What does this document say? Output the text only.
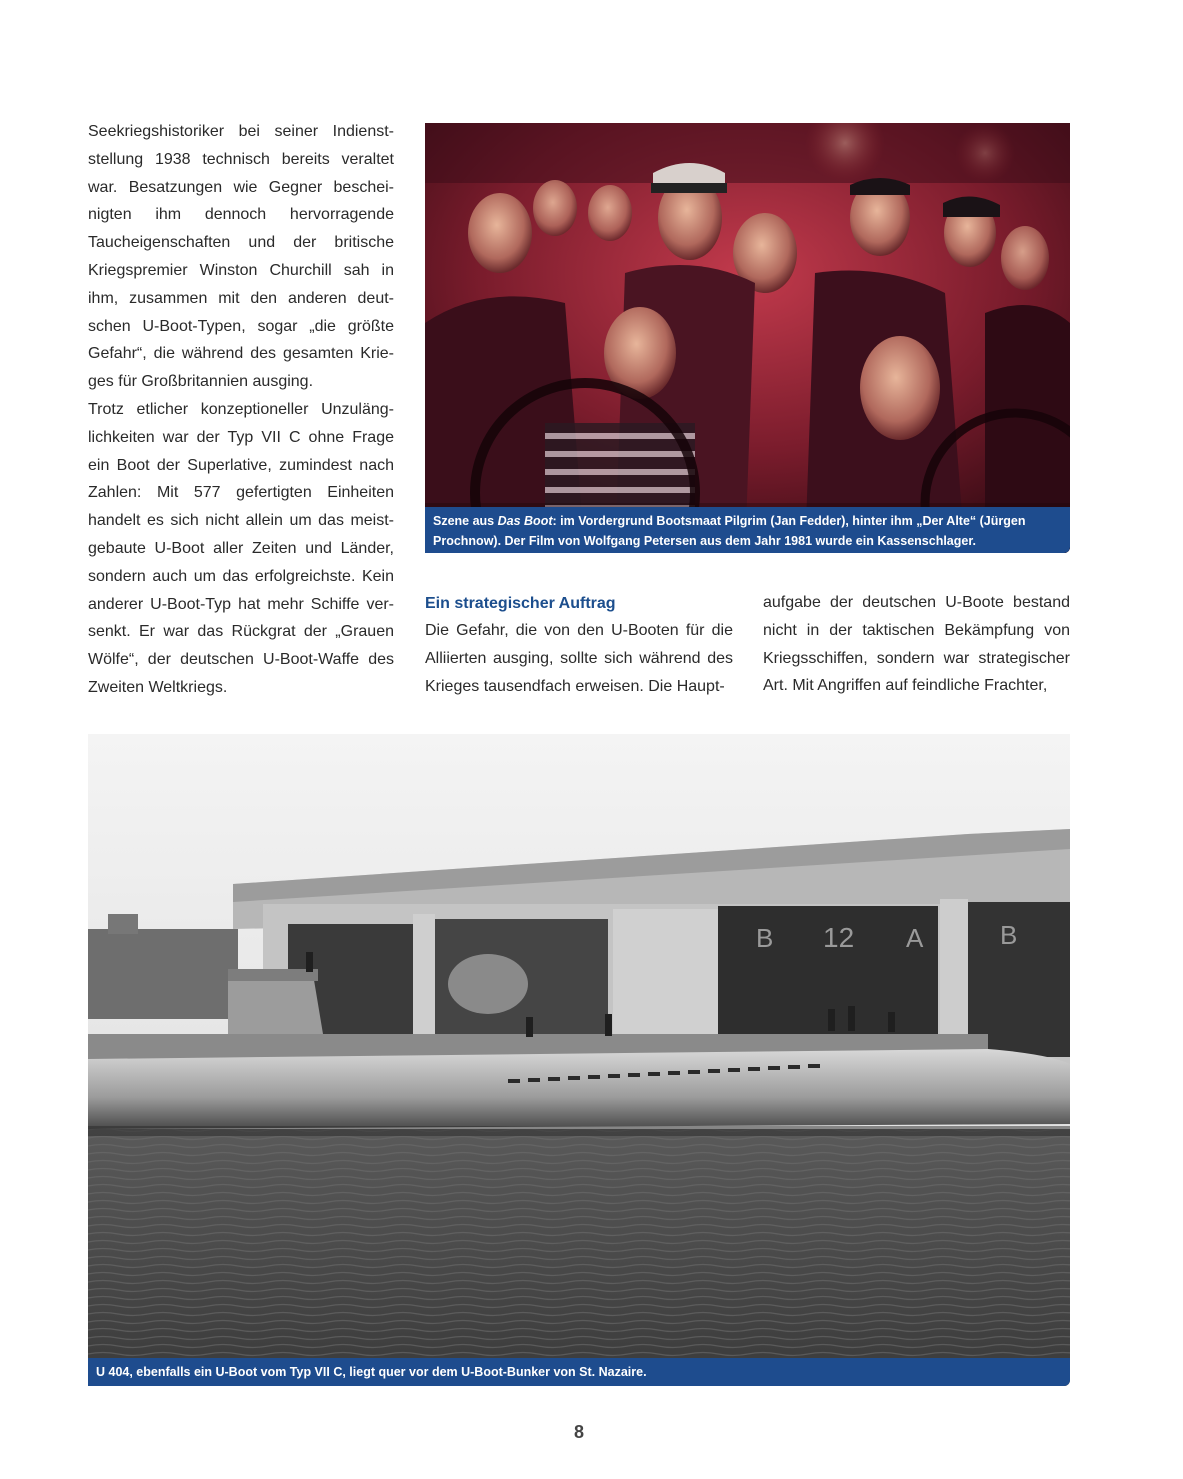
Seekriegshistoriker bei seiner Indienst-
stellung 1938 technisch bereits veraltet
war. Besatzungen wie Gegner beschei-
nigten ihm dennoch hervorragende
Taucheigenschaften und der britische
Kriegspremier Winston Churchill sah in
ihm, zusammen mit den anderen deut-
schen U-Boot-Typen, sogar „die größte
Gefahr“, die während des gesamten Krie-
ges für Großbritannien ausging.
Trotz etlicher konzeptioneller Unzuläng-
lichkeiten war der Typ VII C ohne Frage
ein Boot der Superlative, zumindest nach
Zahlen: Mit 577 gefertigten Einheiten
handelt es sich nicht allein um das meist-
gebaute U-Boot aller Zeiten und Länder,
sondern auch um das erfolgreichste. Kein
anderer U-Boot-Typ hat mehr Schiffe ver-
senkt. Er war das Rückgrat der „Grauen
Wölfe“, der deutschen U-Boot-Waffe des
Zweiten Weltkriegs.

Szene aus Das Boot: im Vordergrund Bootsmaat Pilgrim (Jan Fedder), hinter ihm „Der Alte“ (Jürgen Prochnow). Der Film von Wolfgang Petersen aus dem Jahr 1981 wurde ein Kassenschlager.
Ein strategischer Auftrag

Die Gefahr, die von den U-Booten für die
Alliierten ausging, sollte sich während des
Krieges tausendfach erweisen. Die Haupt-

aufgabe der deutschen U-Boote bestand
nicht in der taktischen Bekämpfung von
Kriegsschiffen, sondern war strategischer
Art. Mit Angriffen auf feindliche Frachter,

B 12 A	B
U 404, ebenfalls ein U-Boot vom Typ VII C, liegt quer vor dem U-Boot-Bunker von St. Nazaire.
8
